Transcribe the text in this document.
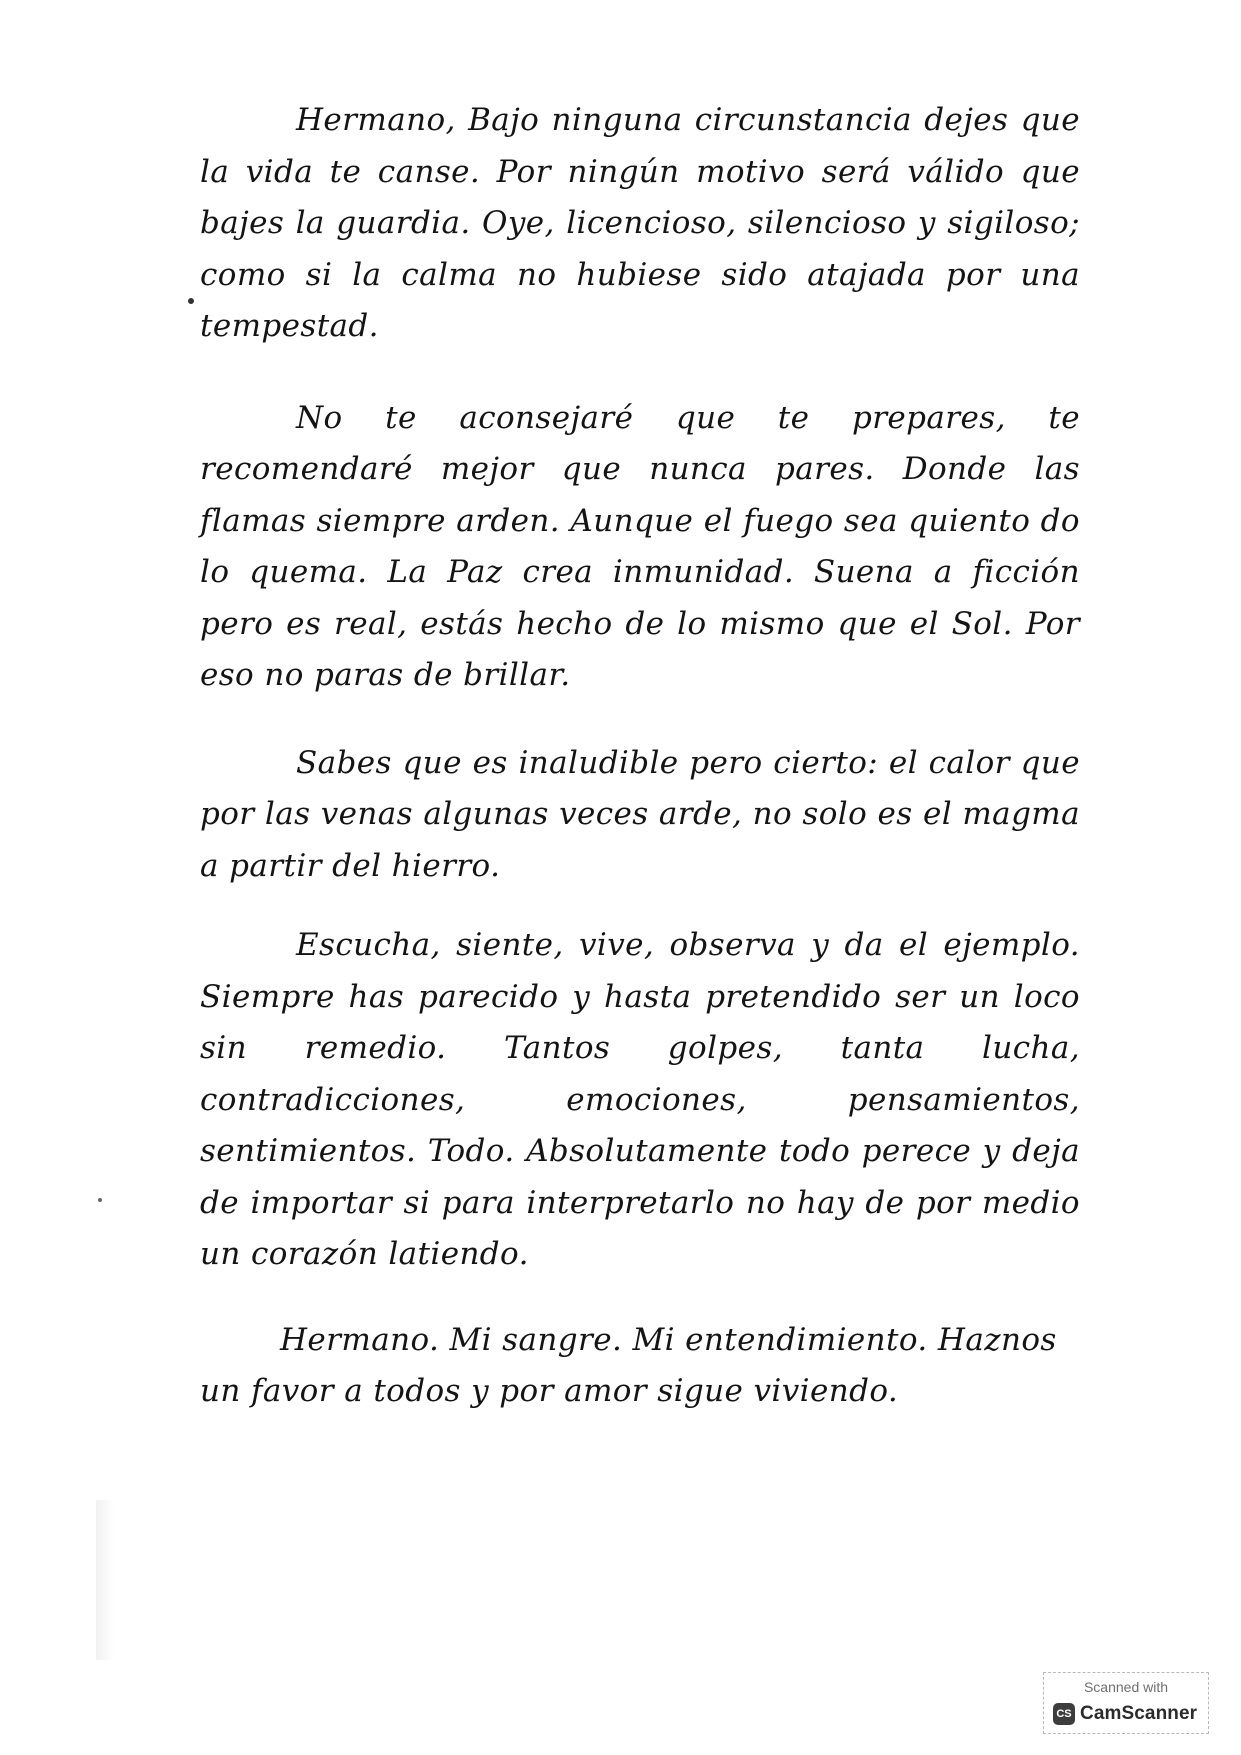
Hermano, Bajo ninguna circunstancia dejes que la vida te canse. Por ningún motivo será válido que bajes la guardia. Oye, licencioso, silencioso y sigiloso; como si la calma no hubiese sido atajada por una tempestad.

No te aconsejaré que te prepares, te recomendaré mejor que nunca pares. Donde las flamas siempre arden. Aunque el fuego sea quiento do lo quema. La Paz crea inmunidad. Suena a ficción pero es real, estás hecho de lo mismo que el Sol. Por eso no paras de brillar.

Sabes que es inaludible pero cierto: el calor que por las venas algunas veces arde, no solo es el magma a partir del hierro.

Escucha, siente, vive, observa y da el ejemplo. Siempre has parecido y hasta pretendido ser un loco sin remedio. Tantos golpes, tanta lucha, contradicciones, emociones, pensamientos, sentimientos. Todo. Absolutamente todo perece y deja de importar si para interpretarlo no hay de por medio un corazón latiendo.

Hermano. Mi sangre. Mi entendimiento. Haznos un favor a todos y por amor sigue viviendo.

Scanned with
CS CamScanner
